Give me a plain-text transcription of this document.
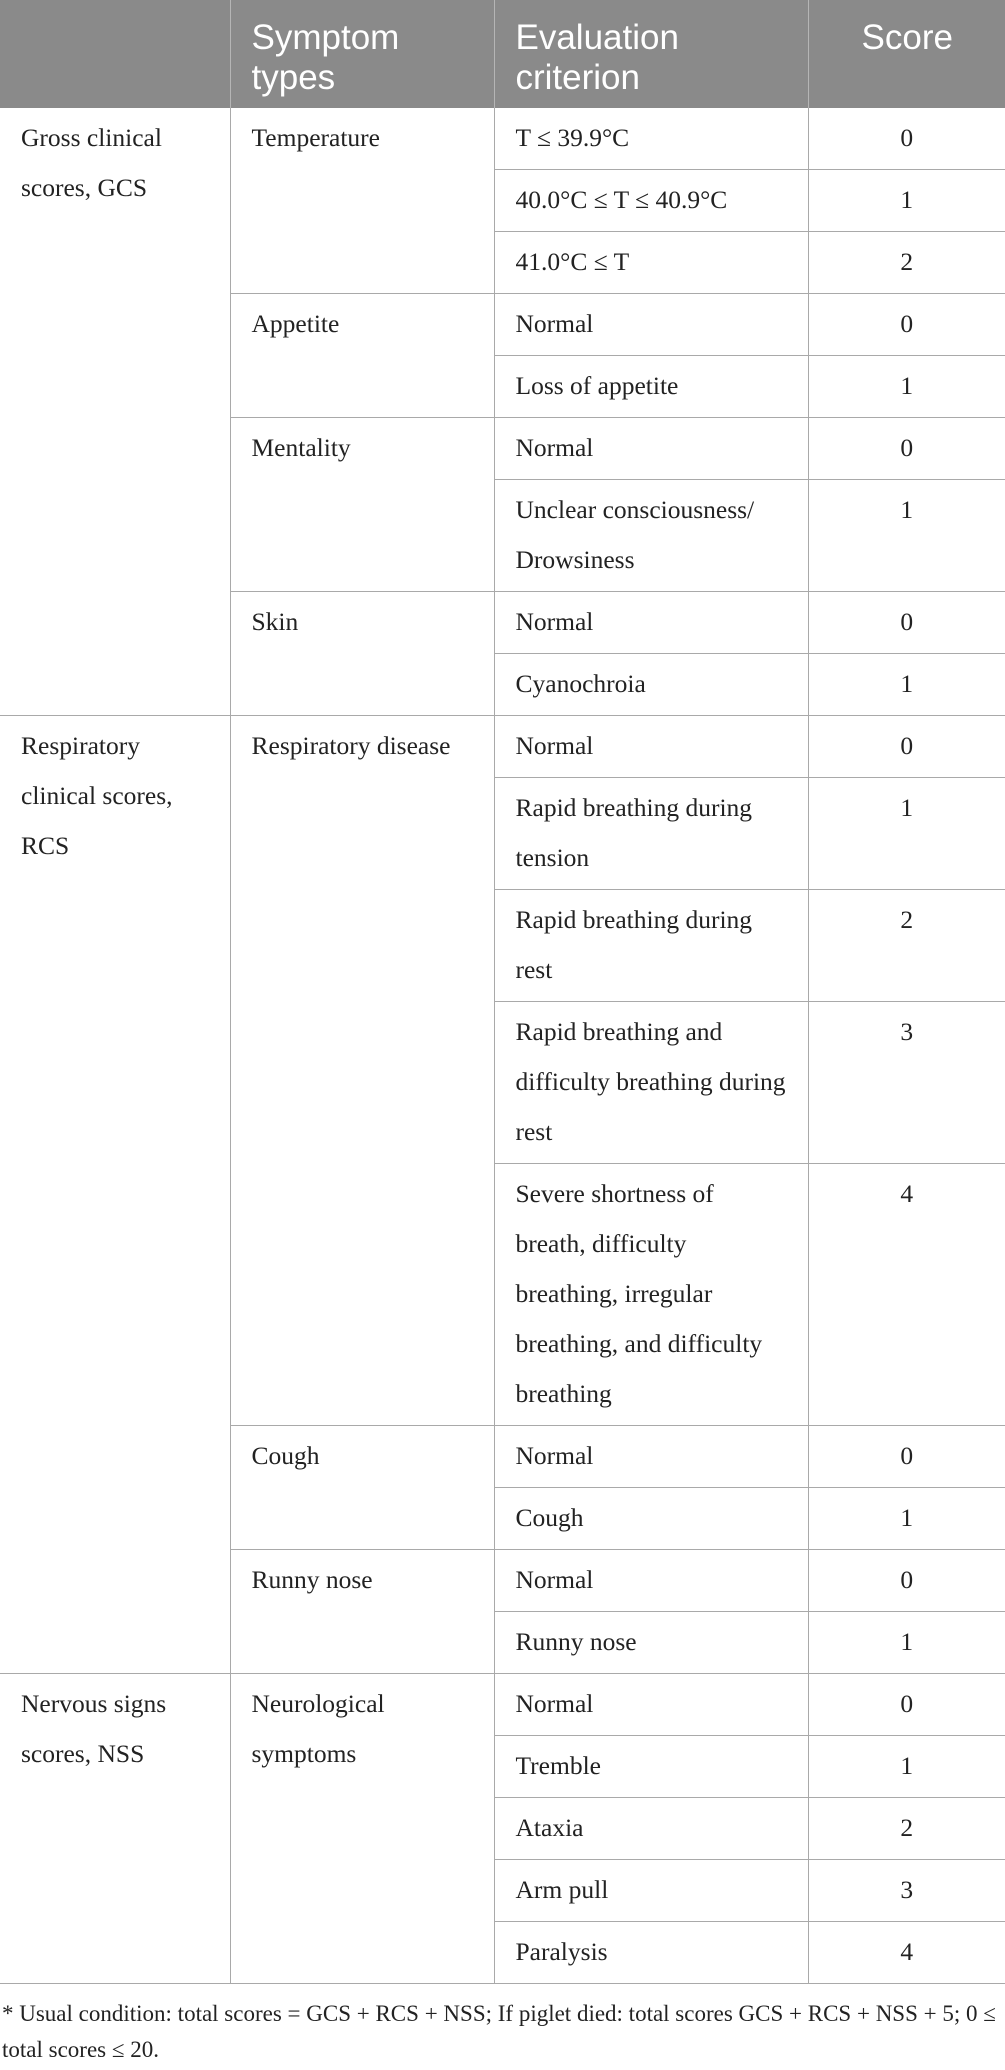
	Symptom types	Evaluation criterion	Score
Gross clinical scores, GCS	Temperature	T ≤ 39.9°C	0
		40.0°C ≤ T ≤ 40.9°C	1
		41.0°C ≤ T	2
	Appetite	Normal	0
		Loss of appetite	1
	Mentality	Normal	0
		Unclear consciousness/ Drowsiness	1
	Skin	Normal	0
		Cyanochroia	1
Respiratory clinical scores, RCS	Respiratory disease	Normal	0
		Rapid breathing during tension	1
		Rapid breathing during rest	2
		Rapid breathing and difficulty breathing during rest	3
		Severe shortness of breath, difficulty breathing, irregular breathing, and difficulty breathing	4
	Cough	Normal	0
		Cough	1
	Runny nose	Normal	0
		Runny nose	1
Nervous signs scores, NSS	Neurological symptoms	Normal	0
		Tremble	1
		Ataxia	2
		Arm pull	3
		Paralysis	4
* Usual condition: total scores = GCS + RCS + NSS; If piglet died: total scores GCS + RCS + NSS + 5; 0 ≤ total scores ≤ 20.
